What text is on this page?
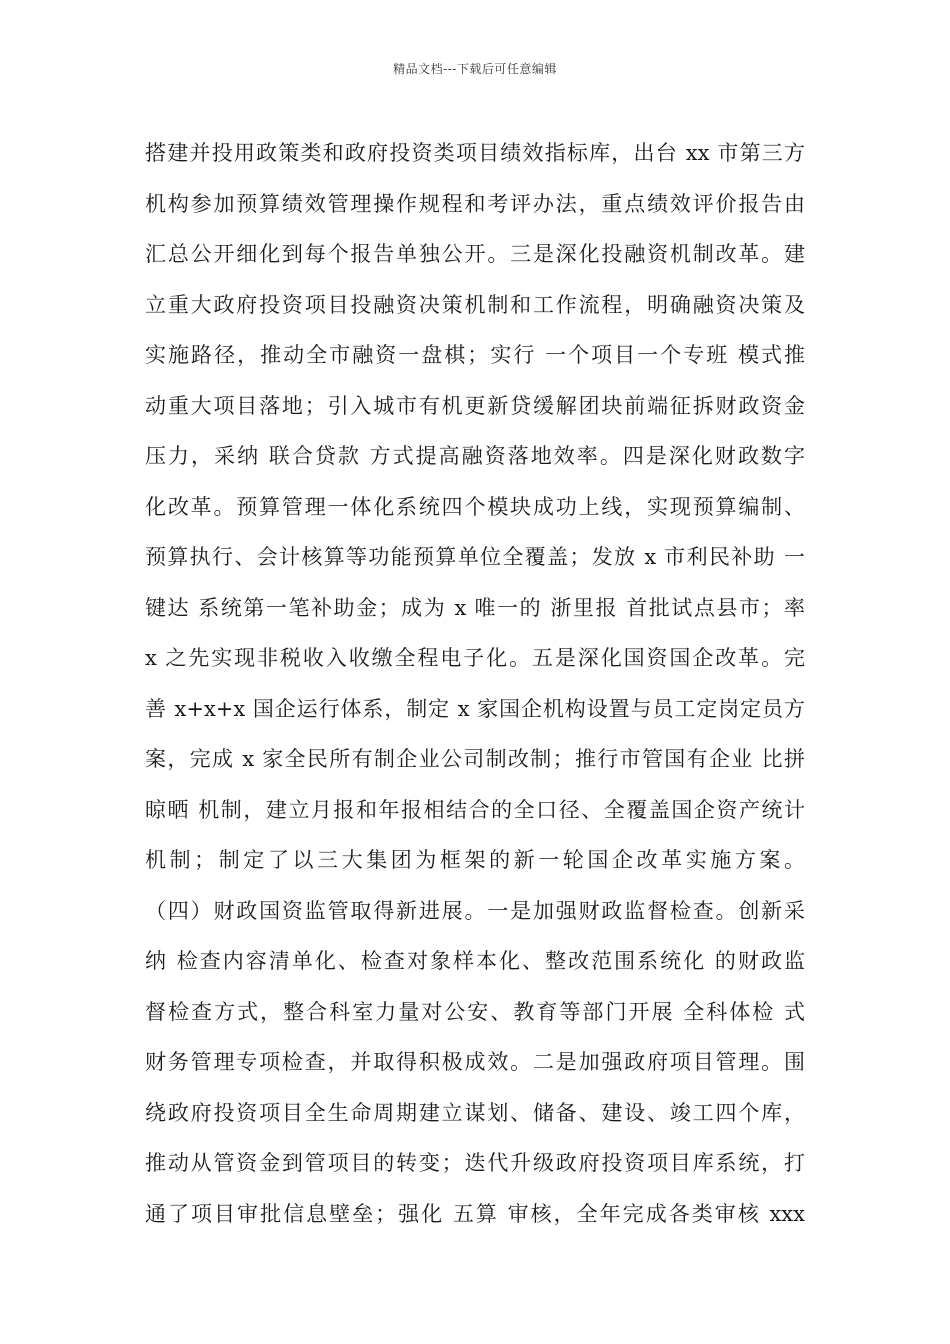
精品文档---下载后可任意编辑
搭建并投用政策类和政府投资类项目绩效指标库，出台 xx 市第三方
机构参加预算绩效管理操作规程和考评办法，重点绩效评价报告由
汇总公开细化到每个报告单独公开。三是深化投融资机制改革。建
立重大政府投资项目投融资决策机制和工作流程，明确融资决策及
实施路径，推动全市融资一盘棋；实行 一个项目一个专班 模式推
动重大项目落地；引入城市有机更新贷缓解团块前端征拆财政资金
压力，采纳 联合贷款 方式提高融资落地效率。四是深化财政数字
化改革。预算管理一体化系统四个模块成功上线，实现预算编制、
预算执行、会计核算等功能预算单位全覆盖；发放 x 市利民补助 一
键达 系统第一笔补助金；成为 x 唯一的 浙里报 首批试点县市；率
x 之先实现非税收入收缴全程电子化。五是深化国资国企改革。完
善 x+x+x 国企运行体系，制定 x 家国企机构设置与员工定岗定员方
案，完成 x 家全民所有制企业公司制改制；推行市管国有企业 比拼
晾晒 机制，建立月报和年报相结合的全口径、全覆盖国企资产统计
机制；制定了以三大集团为框架的新一轮国企改革实施方案。
（四）财政国资监管取得新进展。一是加强财政监督检查。创新采
纳 检查内容清单化、检查对象样本化、整改范围系统化 的财政监
督检查方式，整合科室力量对公安、教育等部门开展 全科体检 式
财务管理专项检查，并取得积极成效。二是加强政府项目管理。围
绕政府投资项目全生命周期建立谋划、储备、建设、竣工四个库，
推动从管资金到管项目的转变；迭代升级政府投资项目库系统，打
通了项目审批信息壁垒；强化 五算 审核，全年完成各类审核 xxx
